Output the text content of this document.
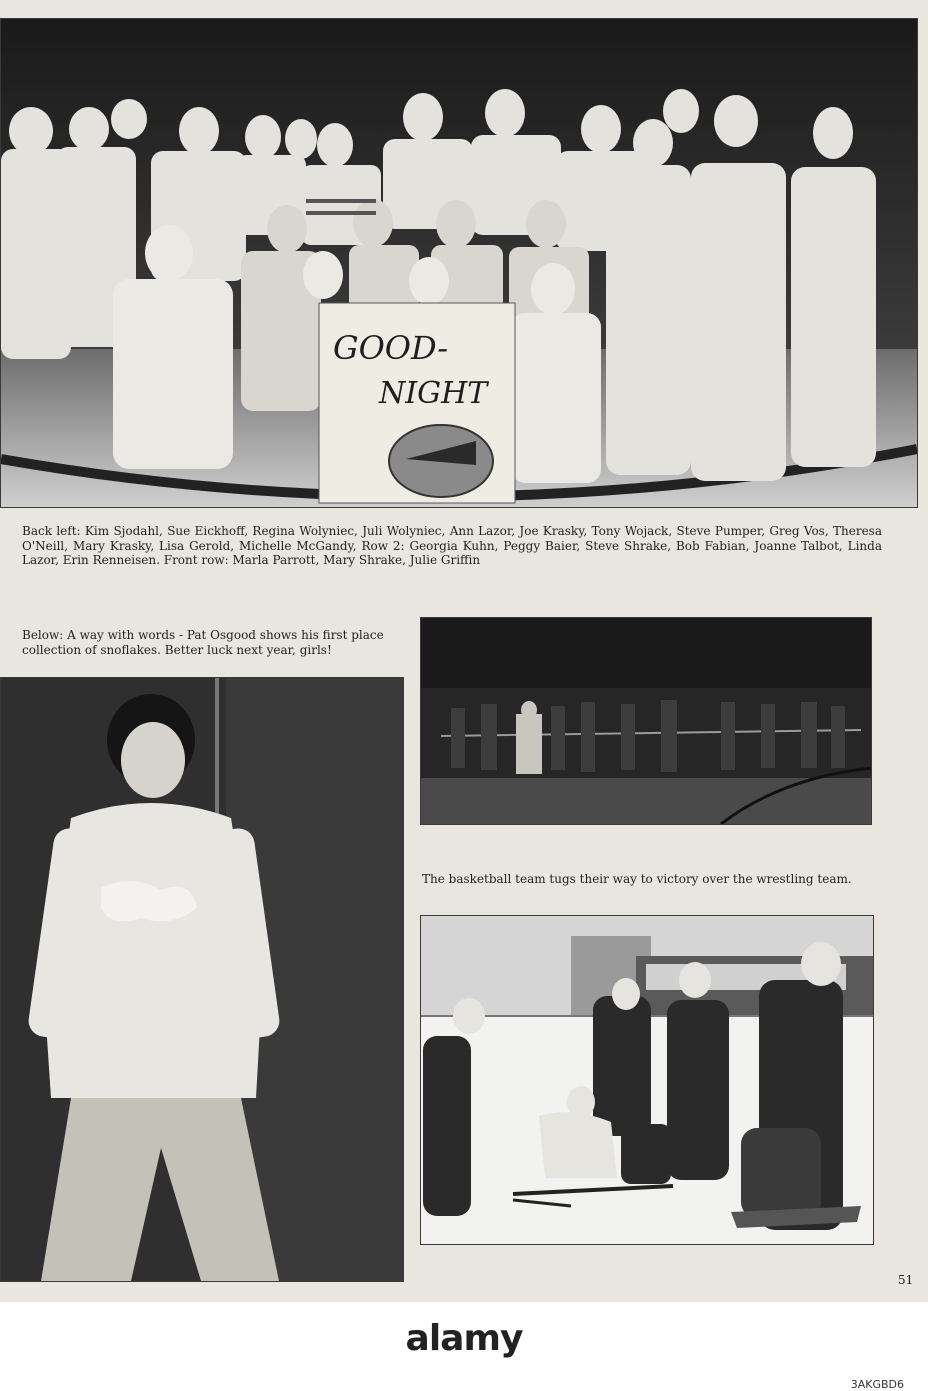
GOOD-
NIGHT

Back left: Kim Sjodahl, Sue Eickhoff, Regina Wolyniec, Juli Wolyniec, Ann Lazor, Joe Krasky, Tony Wojack, Steve Pumper, Greg Vos, Theresa O'Neill, Mary Krasky, Lisa Gerold, Michelle McGandy, Row 2: Georgia Kuhn, Peggy Baier, Steve Shrake, Bob Fabian, Joanne Talbot, Linda Lazor, Erin Renneisen. Front row: Marla Parrott, Mary Shrake, Julie Griffin

Below: A way with words - Pat Osgood shows his first place collection of snoflakes. Better luck next year, girls!

The basketball team tugs their way to victory over the wrestling team.

51
alamy
3AKGBD6
